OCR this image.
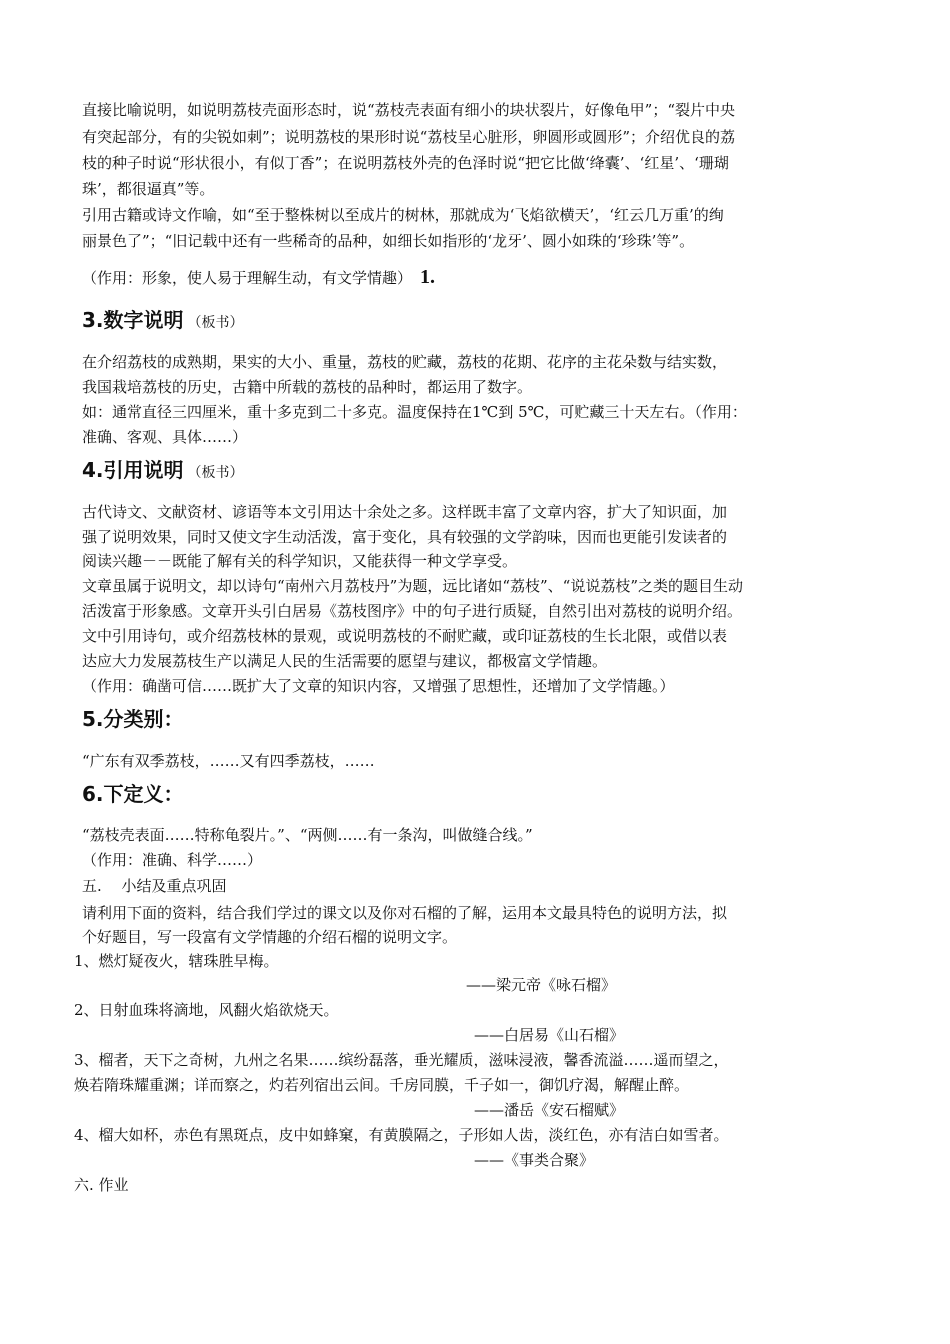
直接比喻说明，如说明荔枝壳面形态时，说“荔枝壳表面有细小的块状裂片，好像龟甲”；“裂片中央
有突起部分，有的尖锐如刺”；说明荔枝的果形时说“荔枝呈心脏形，卵圆形或圆形”；介绍优良的荔
枝的种子时说“形状很小，有似丁香”；在说明荔枝外壳的色泽时说“把它比做‘绛囊’、‘红星’、‘珊瑚
珠’，都很逼真”等。
引用古籍或诗文作喻，如“至于整株树以至成片的树林，那就成为‘飞焰欲横天’，‘红云几万重’的绚
丽景色了”；“旧记载中还有一些稀奇的品种，如细长如指形的‘龙牙’、圆小如珠的‘珍珠’等”。
（作用：形象，使人易于理解生动，有文学情趣） 1.
3.数字说明 （板书）
在介绍荔枝的成熟期，果实的大小、重量，荔枝的贮藏，荔枝的花期、花序的主花朵数与结实数，
我国栽培荔枝的历史，古籍中所载的荔枝的品种时，都运用了数字。
如：通常直径三四厘米，重十多克到二十多克。温度保持在1℃到 5℃，可贮藏三十天左右。（作用：
准确、客观、具体……）
4.引用说明 （板书）
古代诗文、文献资材、谚语等本文引用达十余处之多。这样既丰富了文章内容，扩大了知识面，加
强了说明效果，同时又使文字生动活泼，富于变化，具有较强的文学韵味，因而也更能引发读者的
阅读兴趣－－既能了解有关的科学知识，又能获得一种文学享受。
文章虽属于说明文，却以诗句“南州六月荔枝丹”为题，远比诸如“荔枝”、“说说荔枝”之类的题目生动
活泼富于形象感。文章开头引白居易《荔枝图序》中的句子进行质疑，自然引出对荔枝的说明介绍。
文中引用诗句，或介绍荔枝林的景观，或说明荔枝的不耐贮藏，或印证荔枝的生长北限，或借以表
达应大力发展荔枝生产以满足人民的生活需要的愿望与建议，都极富文学情趣。
（作用：确凿可信……既扩大了文章的知识内容，又增强了思想性，还增加了文学情趣。）
5.分类别：
“广东有双季荔枝，……又有四季荔枝，……
6.下定义：
“荔枝壳表面……特称龟裂片。”、“两侧……有一条沟，叫做缝合线。”
（作用：准确、科学……）
五.　 小结及重点巩固
请利用下面的资料，结合我们学过的课文以及你对石榴的了解，运用本文最具特色的说明方法，拟
个好题目，写一段富有文学情趣的介绍石榴的说明文字。
1、燃灯疑夜火，辖珠胜早梅。
——梁元帝《咏石榴》
2、日射血珠将滴地，风翻火焰欲烧天。
——白居易《山石榴》
3、榴者，天下之奇树，九州之名果……缤纷磊落，垂光耀质，滋味浸液，馨香流溢……遥而望之，
焕若隋珠耀重渊；详而察之，灼若列宿出云间。千房同膜，千子如一，御饥疗渴，解醒止醉。
——潘岳《安石榴赋》
4、榴大如杯，赤色有黑斑点，皮中如蜂窠，有黄膜隔之，子形如人齿，淡红色，亦有洁白如雪者。
——《事类合聚》
六. 作业
